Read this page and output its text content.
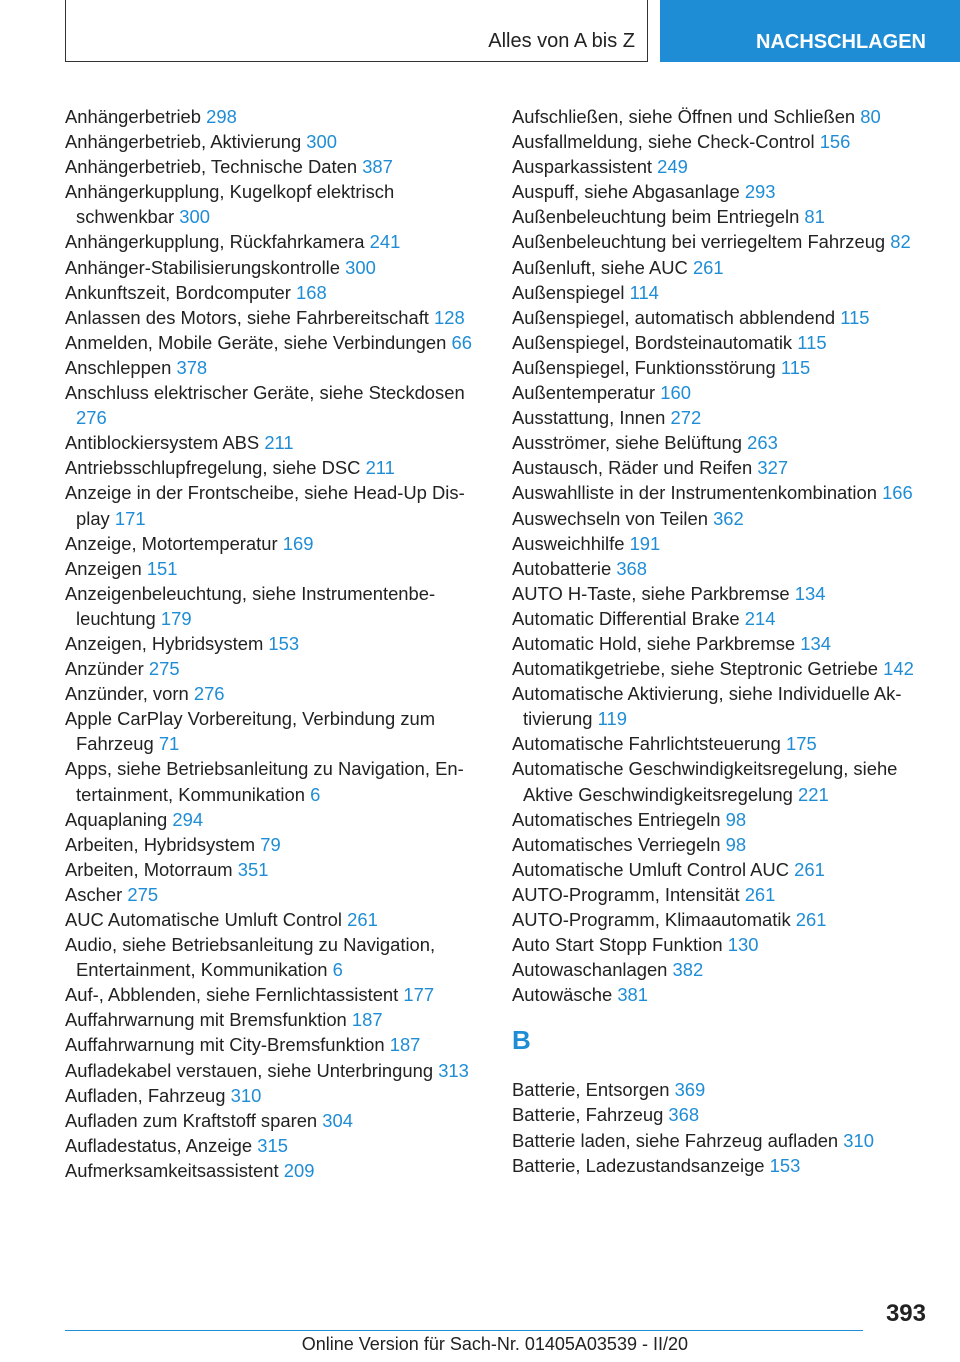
Alles von A bis Z	NACHSCHLAGEN
Anhängerbetrieb 298
Anhängerbetrieb, Aktivierung 300
Anhängerbetrieb, Technische Daten 387
Anhängerkupplung, Kugelkopf elektrisch schwenkbar 300
Anhängerkupplung, Rückfahrkamera 241
Anhänger-Stabilisierungskontrolle 300
Ankunftszeit, Bordcomputer 168
Anlassen des Motors, siehe Fahrbereitschaft 128
Anmelden, Mobile Geräte, siehe Verbindungen 66
Anschleppen 378
Anschluss elektrischer Geräte, siehe Steckdosen 276
Antiblockiersystem ABS 211
Antriebsschlupfregelung, siehe DSC 211
Anzeige in der Frontscheibe, siehe Head-Up Display 171
Anzeige, Motortemperatur 169
Anzeigen 151
Anzeigenbeleuchtung, siehe Instrumentenbeleuchtung 179
Anzeigen, Hybridsystem 153
Anzünder 275
Anzünder, vorn 276
Apple CarPlay Vorbereitung, Verbindung zum Fahrzeug 71
Apps, siehe Betriebsanleitung zu Navigation, Entertainment, Kommunikation 6
Aquaplaning 294
Arbeiten, Hybridsystem 79
Arbeiten, Motorraum 351
Ascher 275
AUC Automatische Umluft Control 261
Audio, siehe Betriebsanleitung zu Navigation, Entertainment, Kommunikation 6
Auf-, Abblenden, siehe Fernlichtassistent 177
Auffahrwarnung mit Bremsfunktion 187
Auffahrwarnung mit City-Bremsfunktion 187
Aufladekabel verstauen, siehe Unterbringung 313
Aufladen, Fahrzeug 310
Aufladen zum Kraftstoff sparen 304
Aufladestatus, Anzeige 315
Aufmerksamkeitsassistent 209
Aufschließen, siehe Öffnen und Schließen 80
Ausfallmeldung, siehe Check-Control 156
Ausparkassistent 249
Auspuff, siehe Abgasanlage 293
Außenbeleuchtung beim Entriegeln 81
Außenbeleuchtung bei verriegeltem Fahrzeug 82
Außenluft, siehe AUC 261
Außenspiegel 114
Außenspiegel, automatisch abblendend 115
Außenspiegel, Bordsteinautomatik 115
Außenspiegel, Funktionsstörung 115
Außentemperatur 160
Ausstattung, Innen 272
Ausströmer, siehe Belüftung 263
Austausch, Räder und Reifen 327
Auswahlliste in der Instrumentenkombination 166
Auswechseln von Teilen 362
Ausweichhilfe 191
Autobatterie 368
AUTO H-Taste, siehe Parkbremse 134
Automatic Differential Brake 214
Automatic Hold, siehe Parkbremse 134
Automatikgetriebe, siehe Steptronic Getriebe 142
Automatische Aktivierung, siehe Individuelle Aktivierung 119
Automatische Fahrlichtsteuerung 175
Automatische Geschwindigkeitsregelung, siehe Aktive Geschwindigkeitsregelung 221
Automatisches Entriegeln 98
Automatisches Verriegeln 98
Automatische Umluft Control AUC 261
AUTO-Programm, Intensität 261
AUTO-Programm, Klimaautomatik 261
Auto Start Stopp Funktion 130
Autowaschanlagen 382
Autowäsche 381
B
Batterie, Entsorgen 369
Batterie, Fahrzeug 368
Batterie laden, siehe Fahrzeug aufladen 310
Batterie, Ladezustandsanzeige 153
393
Online Version für Sach-Nr. 01405A03539 - II/20
